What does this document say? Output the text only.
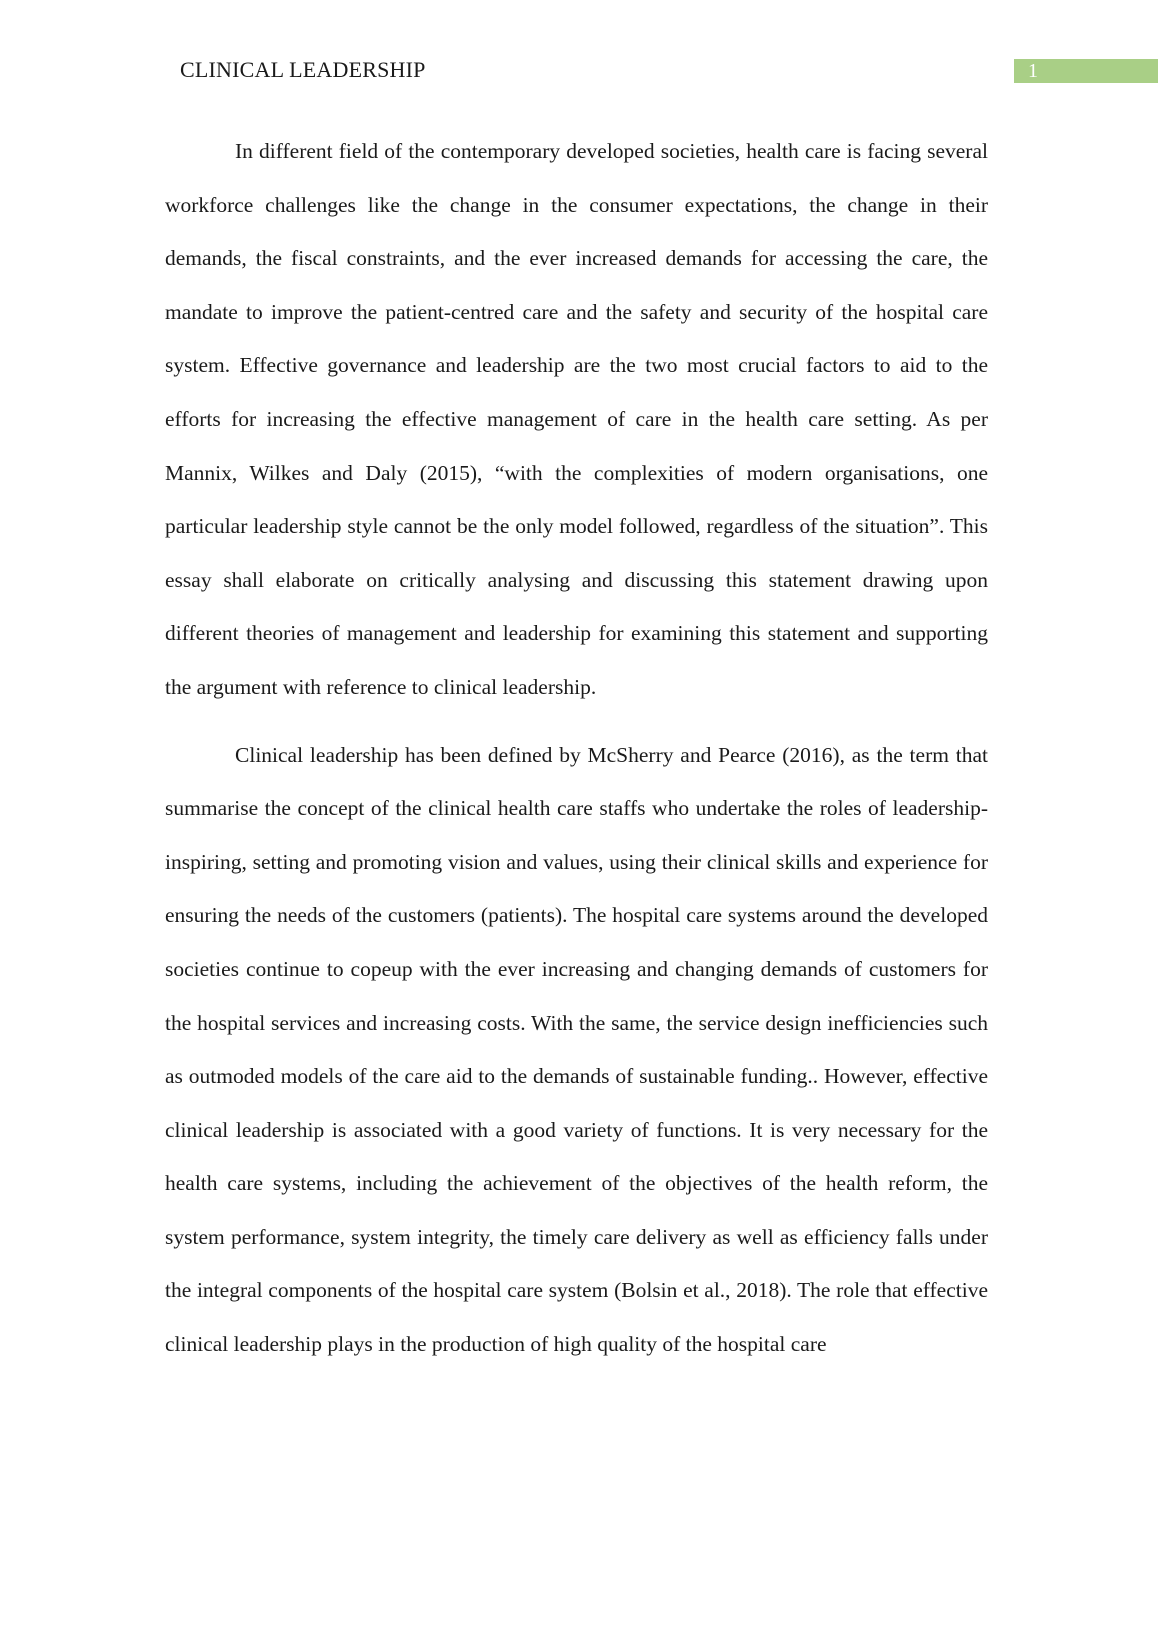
CLINICAL LEADERSHIP	1

In different field of the contemporary developed societies, health care is facing several workforce challenges like the change in the consumer expectations, the change in their demands, the fiscal constraints, and the ever increased demands for accessing the care, the mandate to improve the patient-centred care and the safety and security of the hospital care system. Effective governance and leadership are the two most crucial factors to aid to the efforts for increasing the effective management of care in the health care setting. As per Mannix, Wilkes and Daly (2015), “with the complexities of modern organisations, one particular leadership style cannot be the only model followed, regardless of the situation”. This essay shall elaborate on critically analysing and discussing this statement drawing upon different theories of management and leadership for examining this statement and supporting the argument with reference to clinical leadership.

Clinical leadership has been defined by McSherry and Pearce (2016), as the term that summarise the concept of the clinical health care staffs who undertake the roles of leadership- inspiring, setting and promoting vision and values, using their clinical skills and experience for ensuring the needs of the customers (patients). The hospital care systems around the developed societies continue to copeup with the ever increasing and changing demands of customers for the hospital services and increasing costs. With the same, the service design inefficiencies such as outmoded models of the care aid to the demands of sustainable funding.. However, effective clinical leadership is associated with a good variety of functions. It is very necessary for the health care systems, including the achievement of the objectives of the health reform, the system performance, system integrity, the timely care delivery as well as efficiency falls under the integral components of the hospital care system (Bolsin et al., 2018). The role that effective clinical leadership plays in the production of high quality of the hospital care
